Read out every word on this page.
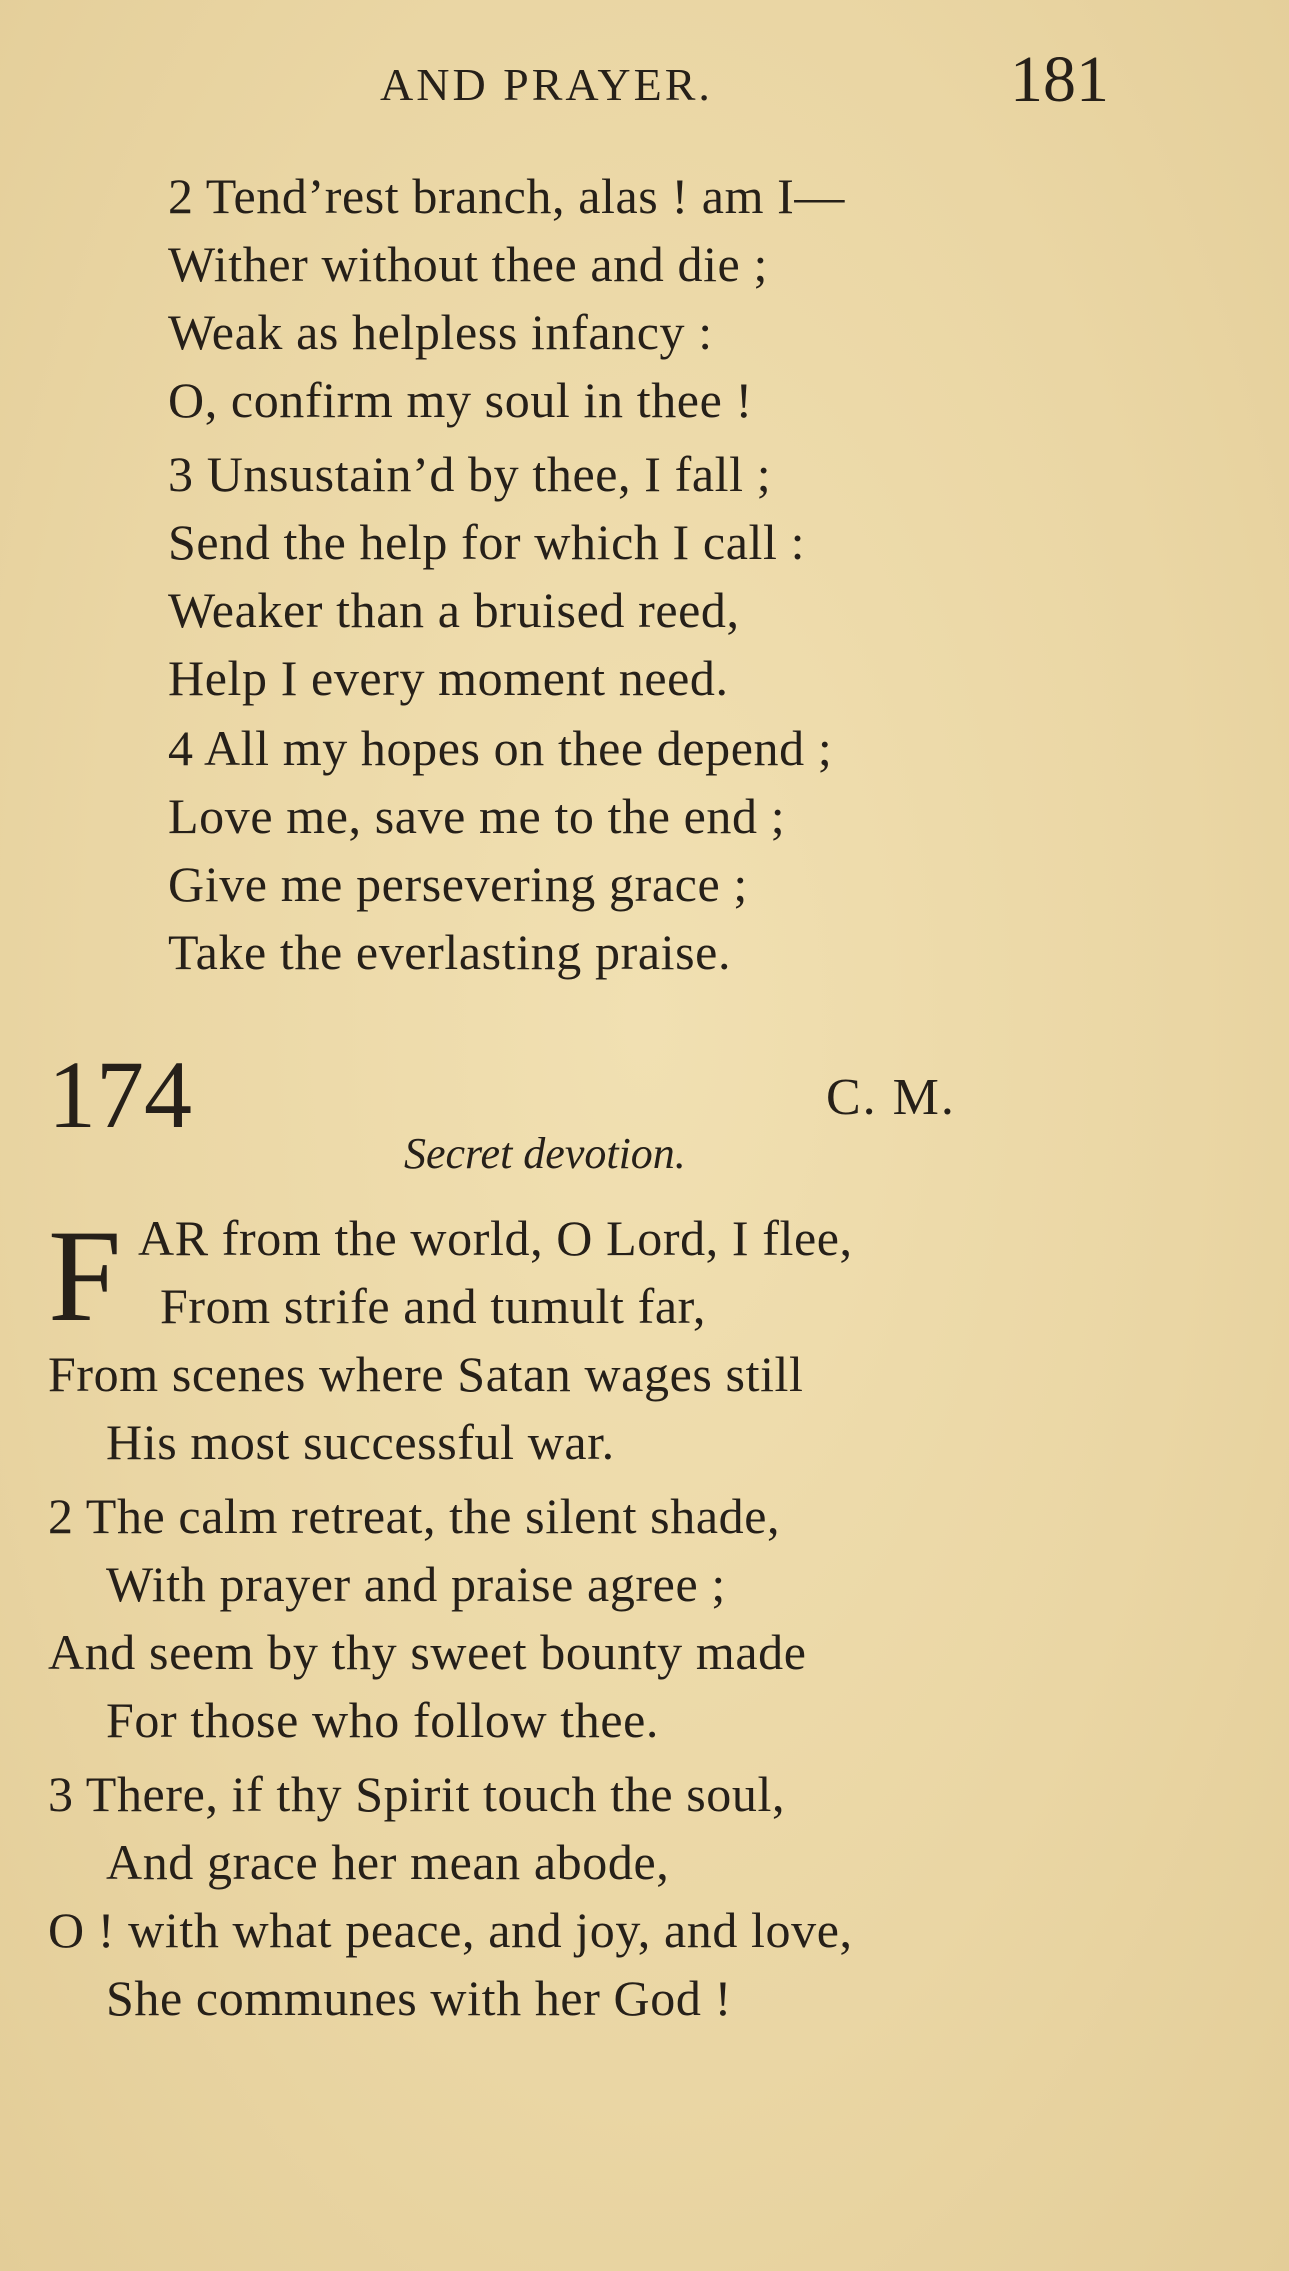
AND PRAYER.	181
2 Tend’rest branch, alas ! am I—
Wither without thee and die ;
Weak as helpless infancy :
O, confirm my soul in thee !
3 Unsustain’d by thee, I fall ;
Send the help for which I call :
Weaker than a bruised reed,
Help I every moment need.
4 All my hopes on thee depend ;
Love me, save me to the end ;
Give me persevering grace ;
Take the everlasting praise.
174	C. M.
Secret devotion.
F AR from the world, O Lord, I flee,
From strife and tumult far,
From scenes where Satan wages still
His most successful war.
2 The calm retreat, the silent shade,
With prayer and praise agree ;
And seem by thy sweet bounty made
For those who follow thee.
3 There, if thy Spirit touch the soul,
And grace her mean abode,
O ! with what peace, and joy, and love,
She communes with her God !
